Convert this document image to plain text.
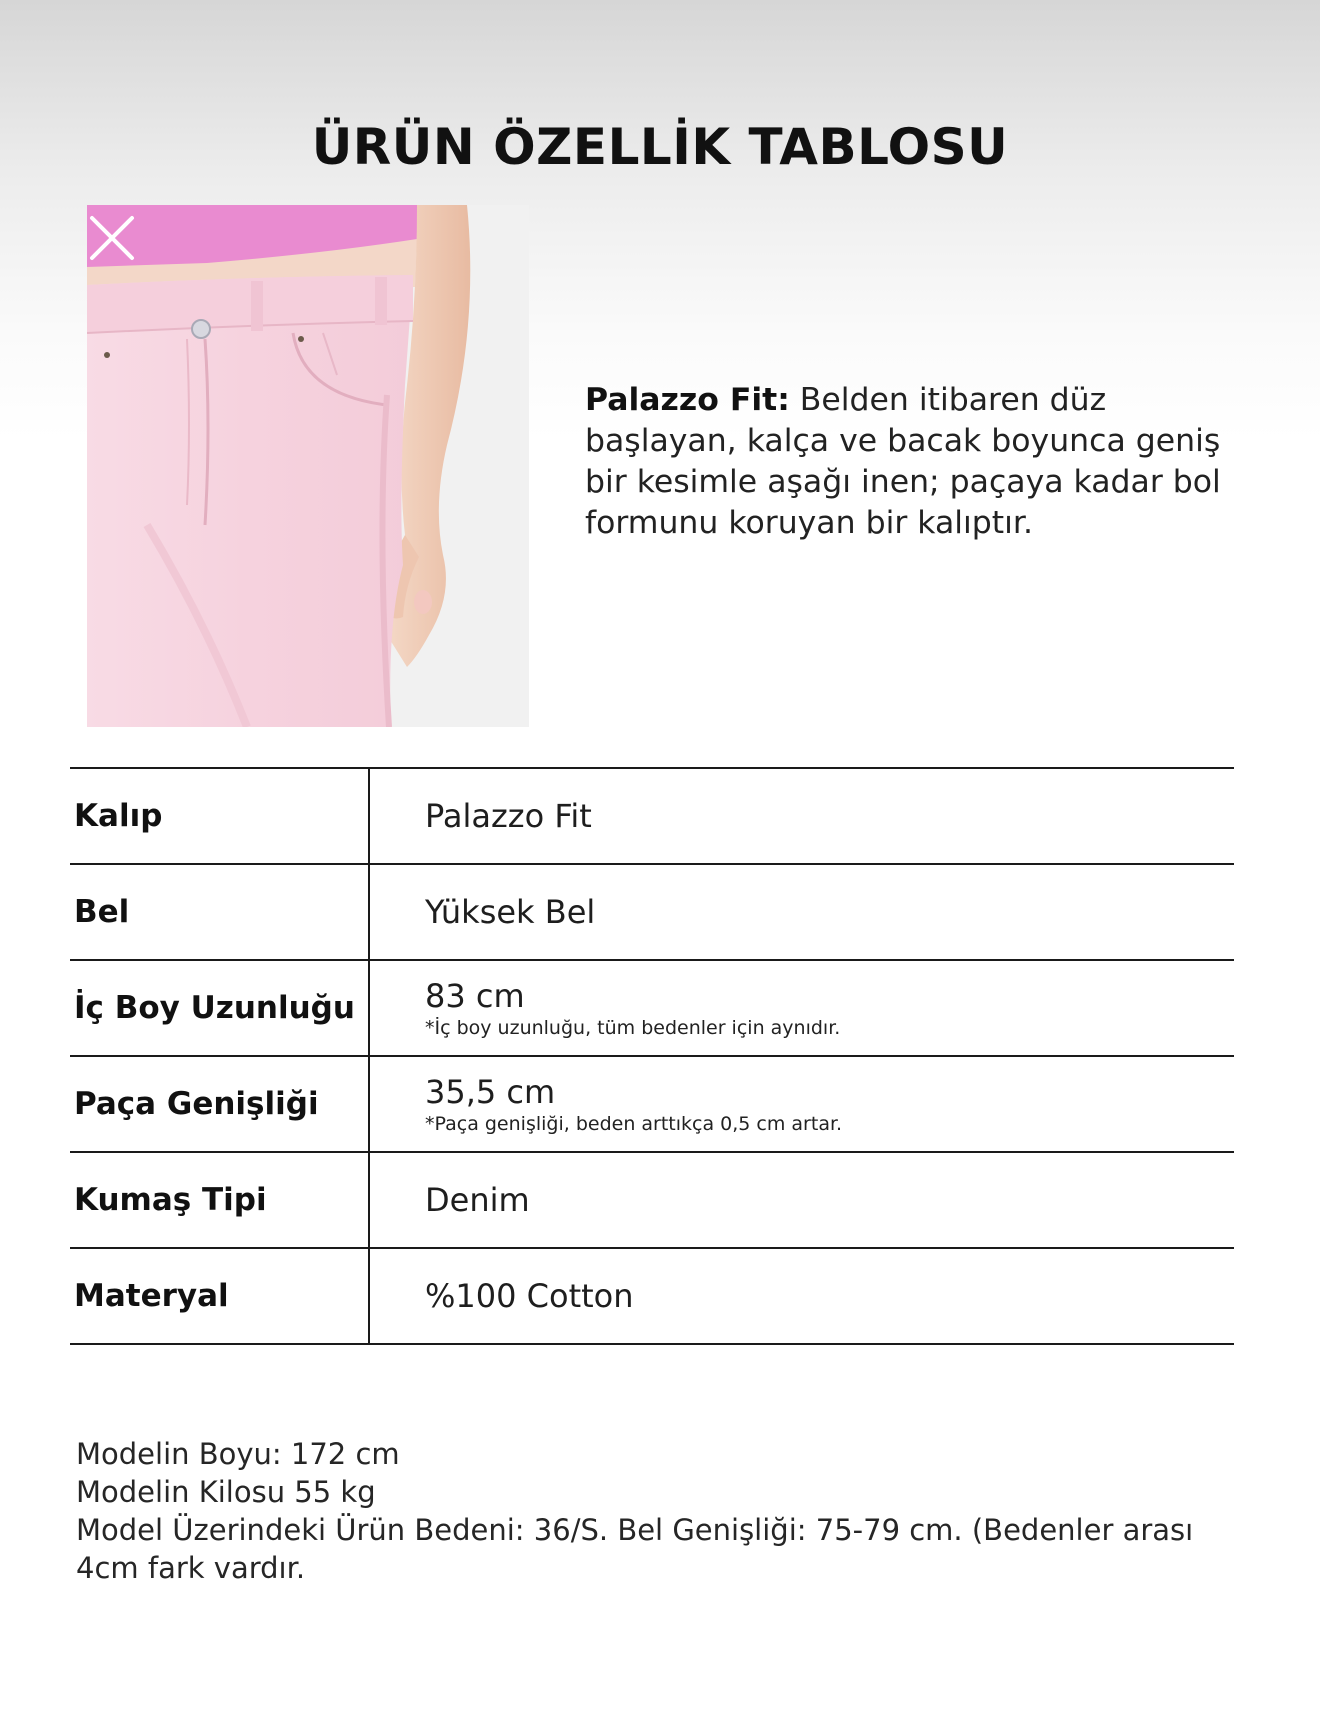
ÜRÜN ÖZELLİK TABLOSU
Palazzo Fit: Belden itibaren düz başlayan, kalça ve bacak boyunca geniş bir kesimle aşağı inen; paçaya kadar bol formunu koruyan bir kalıptır.
Kalıp	Palazzo Fit
Bel	Yüksek Bel
İç Boy Uzunluğu	83 cm
*İç boy uzunluğu, tüm bedenler için aynıdır.

Paça Genişliği	35,5 cm
*Paça genişliği, beden arttıkça 0,5 cm artar.

Kumaş Tipi	Denim
Materyal	%100 Cotton
Modelin Boyu: 172 cm
Modelin Kilosu 55 kg
Model Üzerindeki Ürün Bedeni: 36/S. Bel Genişliği: 75-79 cm. (Bedenler arası 4cm fark vardır.
